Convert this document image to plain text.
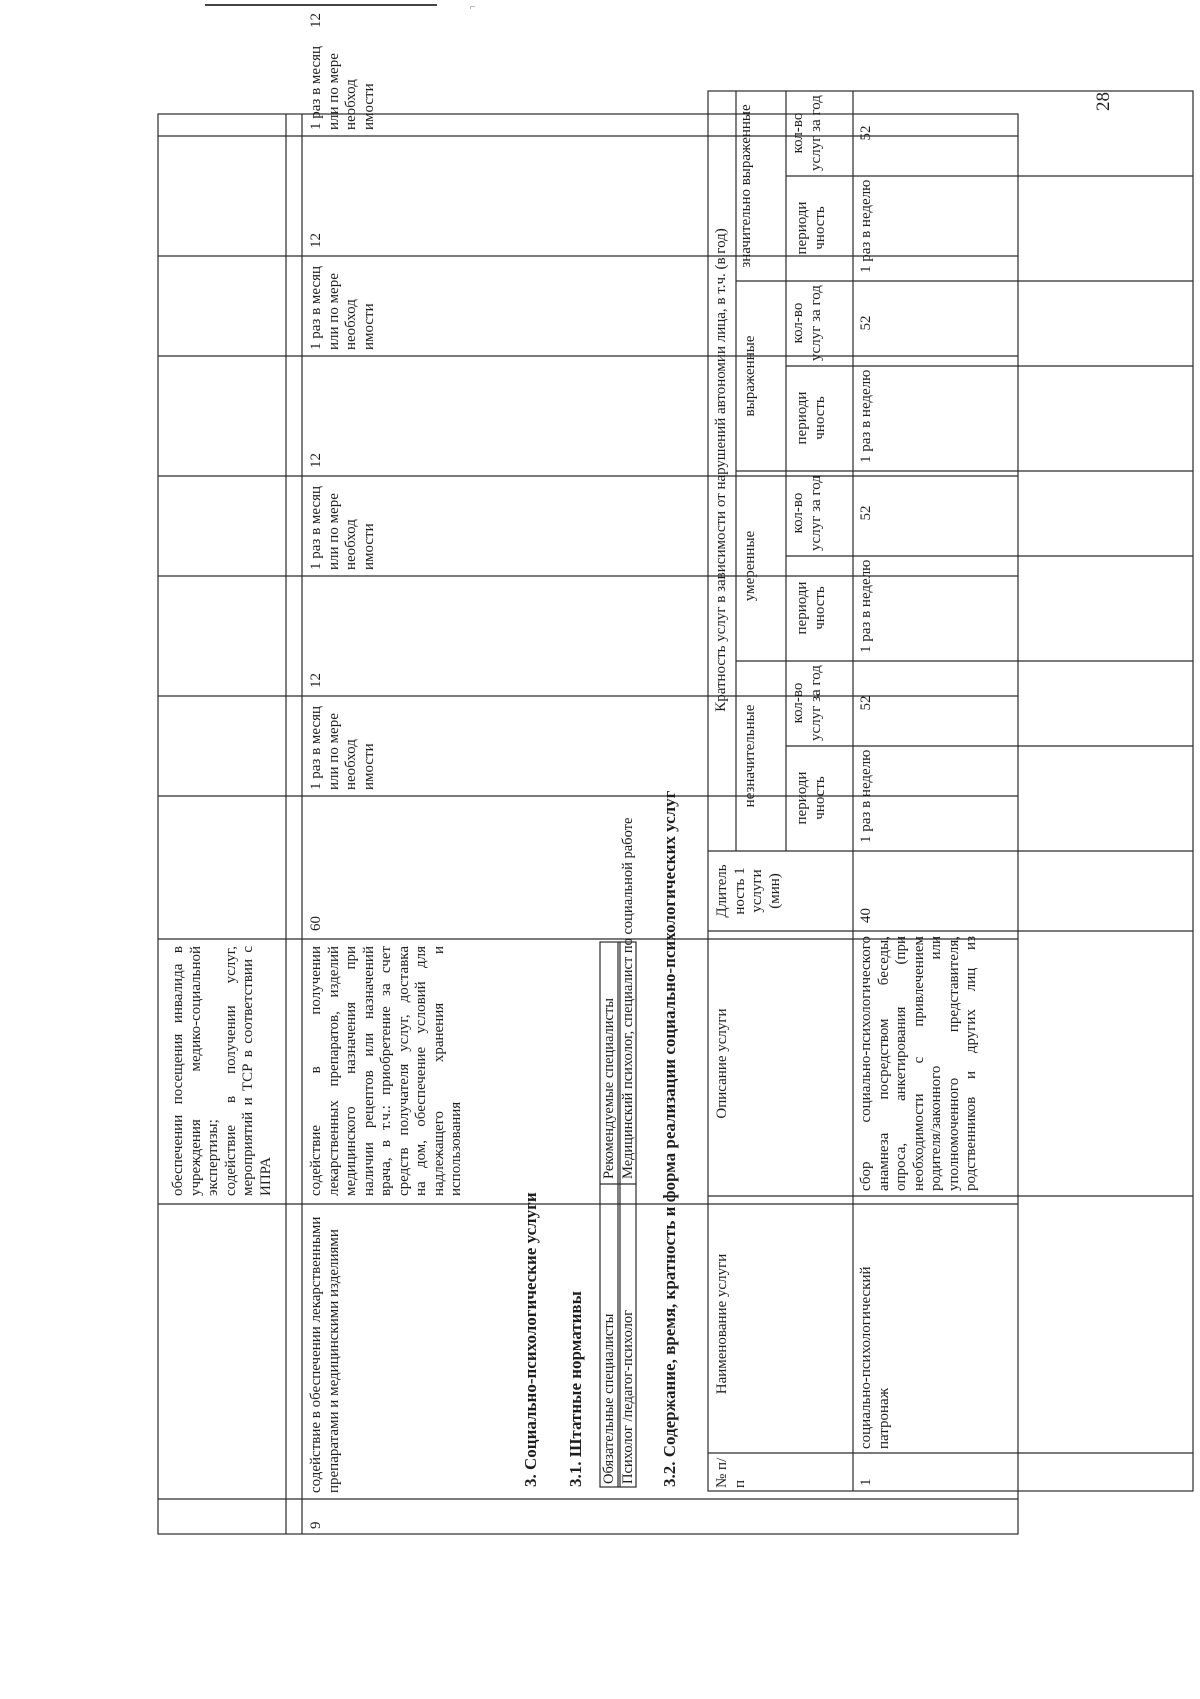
⌐
28
обеспечении посещения инвалида в учреждения медико-социальной экспертизы; содействие в получении услуг, мероприятий и ТСР в соответствии с ИПРА
9
содействие в обеспечении лекарственными препаратами и медицинскими изделиями
содействие в получении лекарственных препаратов, изделий медицинского назначения при наличии рецептов или назначений врача, в т.ч.: приобретение за счет средств получателя услуг, доставка на дом, обеспечение условий для надлежащего хранения и использования
60
1 раз в месяц или по мере необход имости
12
1 раз в месяц или по мере необход имости
12
1 раз в месяц или по мере необход имости
12
1 раз в месяц или по мере необход имости
12
3. Социально-психологические услуги 3.1. Штатные нормативы Обязательные специалисты Психолог /педагог-психолог
Рекомендуемые специалисты Медицинский психолог, специалист по социальной работе 3.2. Содержание, время, кратность и форма реализации социально-психологических услуг № п/п
Наименование услуги
Описание услуги
Длитель ность 1 услуги (мин)
Кратность услуг в зависимости от нарушений автономии лица, в т.ч. (в год)
незначительные
умеренные
выраженные
значительно выраженные
периоди чность
кол-во услуг за год
периоди чность
кол-во услуг за год
периоди чность
кол-во услуг за год
периоди чность
кол-во услуг за год
1
социально-психологический патронаж
сбор социально-психологического анамнеза посредством беседы, опроса, анкетирования (при необходимости с привлечением родителя/законного или уполномоченного представителя, родственников и других лиц из
40
1 раз в неделю
52
1 раз в неделю
52
1 раз в неделю
52
1 раз в неделю
52
